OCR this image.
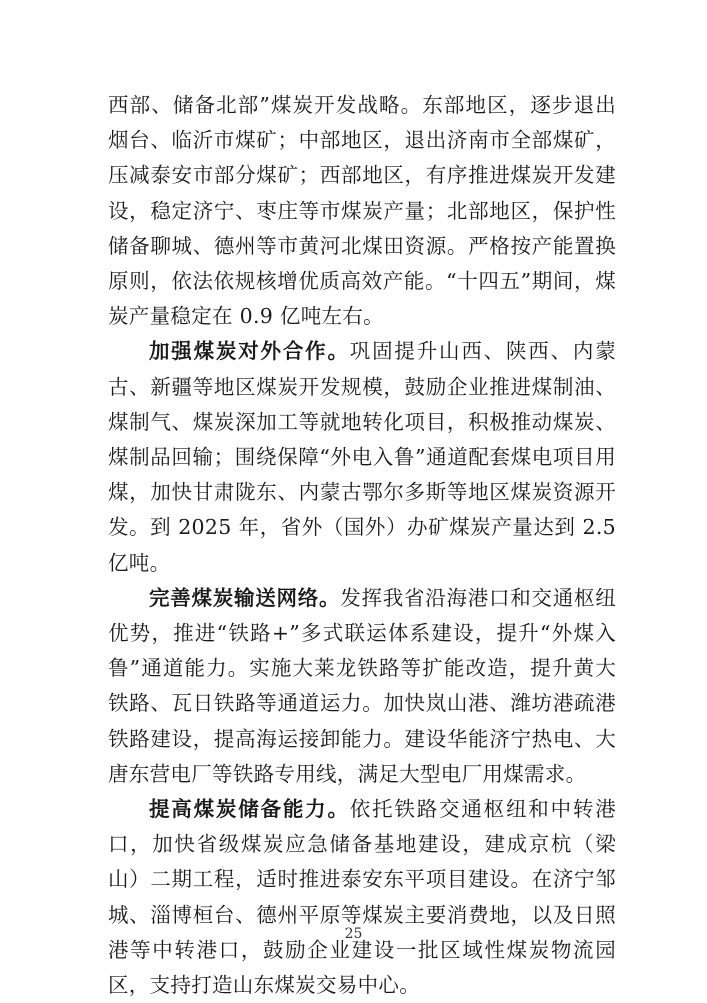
西部、储备北部”煤炭开发战略。东部地区，逐步退出烟台、临沂市煤矿；中部地区，退出济南市全部煤矿，压减泰安市部分煤矿；西部地区，有序推进煤炭开发建设，稳定济宁、枣庄等市煤炭产量；北部地区，保护性储备聊城、德州等市黄河北煤田资源。严格按产能置换原则，依法依规核增优质高效产能。“十四五”期间，煤炭产量稳定在 0.9 亿吨左右。

加强煤炭对外合作。巩固提升山西、陕西、内蒙古、新疆等地区煤炭开发规模，鼓励企业推进煤制油、煤制气、煤炭深加工等就地转化项目，积极推动煤炭、煤制品回输；围绕保障“外电入鲁”通道配套煤电项目用煤，加快甘肃陇东、内蒙古鄂尔多斯等地区煤炭资源开发。到 2025 年，省外（国外）办矿煤炭产量达到 2.5 亿吨。

完善煤炭输送网络。发挥我省沿海港口和交通枢纽优势，推进“铁路+”多式联运体系建设，提升“外煤入鲁”通道能力。实施大莱龙铁路等扩能改造，提升黄大铁路、瓦日铁路等通道运力。加快岚山港、潍坊港疏港铁路建设，提高海运接卸能力。建设华能济宁热电、大唐东营电厂等铁路专用线，满足大型电厂用煤需求。

提高煤炭储备能力。依托铁路交通枢纽和中转港口，加快省级煤炭应急储备基地建设，建成京杭（梁山）二期工程，适时推进泰安东平项目建设。在济宁邹城、淄博桓台、德州平原等煤炭主要消费地，以及日照港等中转港口，鼓励企业建设一批区域性煤炭物流园区，支持打造山东煤炭交易中心。

25
